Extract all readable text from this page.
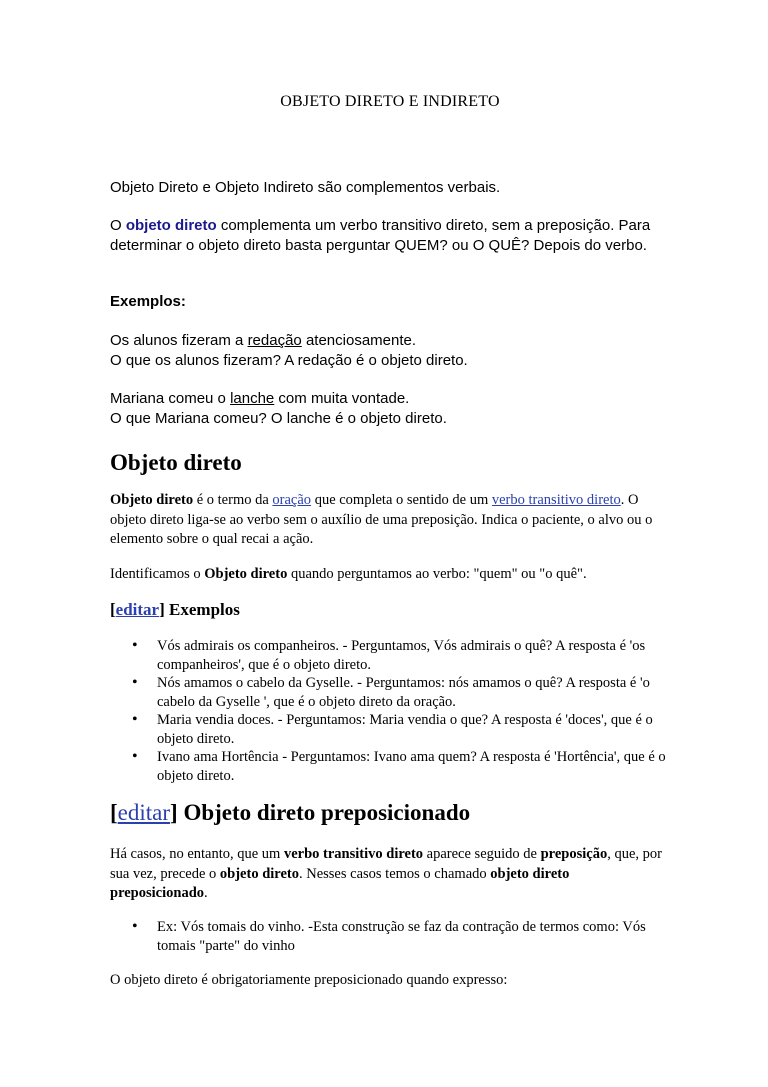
OBJETO DIRETO E INDIRETO

Objeto Direto e Objeto Indireto são complementos verbais.

O objeto direto complementa um verbo transitivo direto, sem a preposição. Para determinar o objeto direto basta perguntar QUEM? ou O QUÊ? Depois do verbo.

Exemplos:

Os alunos fizeram a redação atenciosamente.
O que os alunos fizeram? A redação é o objeto direto.

Mariana comeu o lanche com muita vontade.
O que Mariana comeu? O lanche é o objeto direto.

Objeto direto

Objeto direto é o termo da oração que completa o sentido de um verbo transitivo direto. O objeto direto liga-se ao verbo sem o auxílio de uma preposição. Indica o paciente, o alvo ou o elemento sobre o qual recai a ação.

Identificamos o Objeto direto quando perguntamos ao verbo: "quem" ou "o quê".

[editar] Exemplos
• Vós admirais os companheiros. - Perguntamos, Vós admirais o quê? A resposta é 'os companheiros', que é o objeto direto.
• Nós amamos o cabelo da Gyselle. - Perguntamos: nós amamos o quê? A resposta é 'o cabelo da Gyselle ', que é o objeto direto da oração.
• Maria vendia doces. - Perguntamos: Maria vendia o que? A resposta é 'doces', que é o objeto direto.
• Ivano ama Hortência - Perguntamos: Ivano ama quem? A resposta é 'Hortência', que é o objeto direto.
[editar] Objeto direto preposicionado

Há casos, no entanto, que um verbo transitivo direto aparece seguido de preposição, que, por sua vez, precede o objeto direto. Nesses casos temos o chamado objeto direto preposicionado.

• Ex: Vós tomais do vinho. -Esta construção se faz da contração de termos como: Vós tomais "parte" do vinho

O objeto direto é obrigatoriamente preposicionado quando expresso:
